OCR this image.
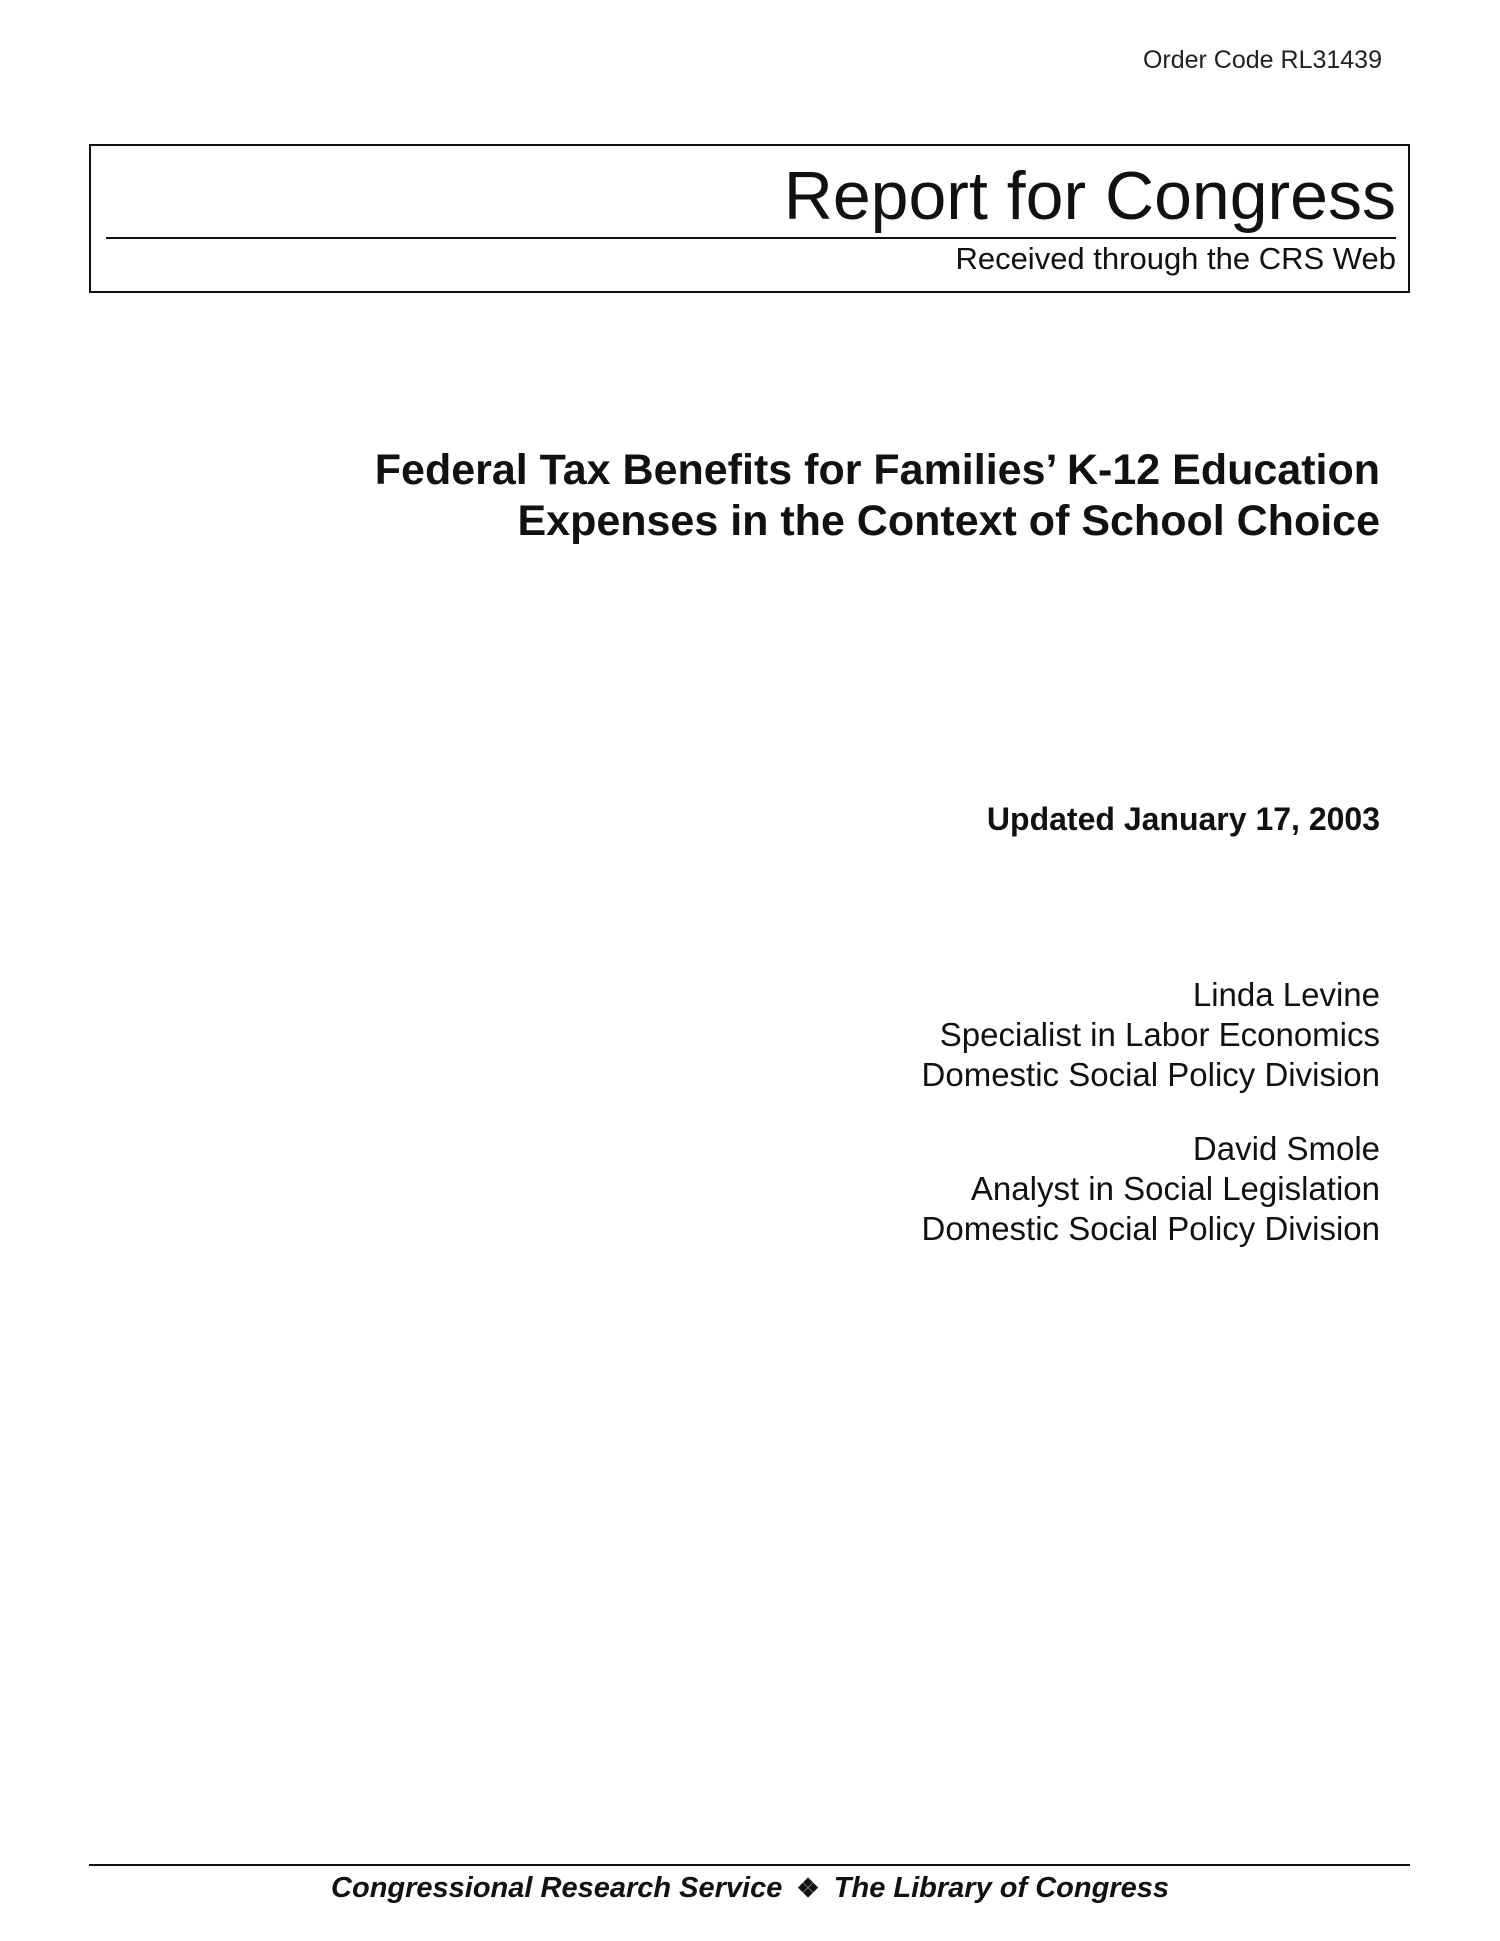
Order Code RL31439
Report for Congress
Received through the CRS Web
Federal Tax Benefits for Families’ K-12 Education
Expenses in the Context of School Choice
Updated January 17, 2003
Linda Levine
Specialist in Labor Economics
Domestic Social Policy Division
David Smole
Analyst in Social Legislation
Domestic Social Policy Division
Congressional Research Service ❖ The Library of Congress
